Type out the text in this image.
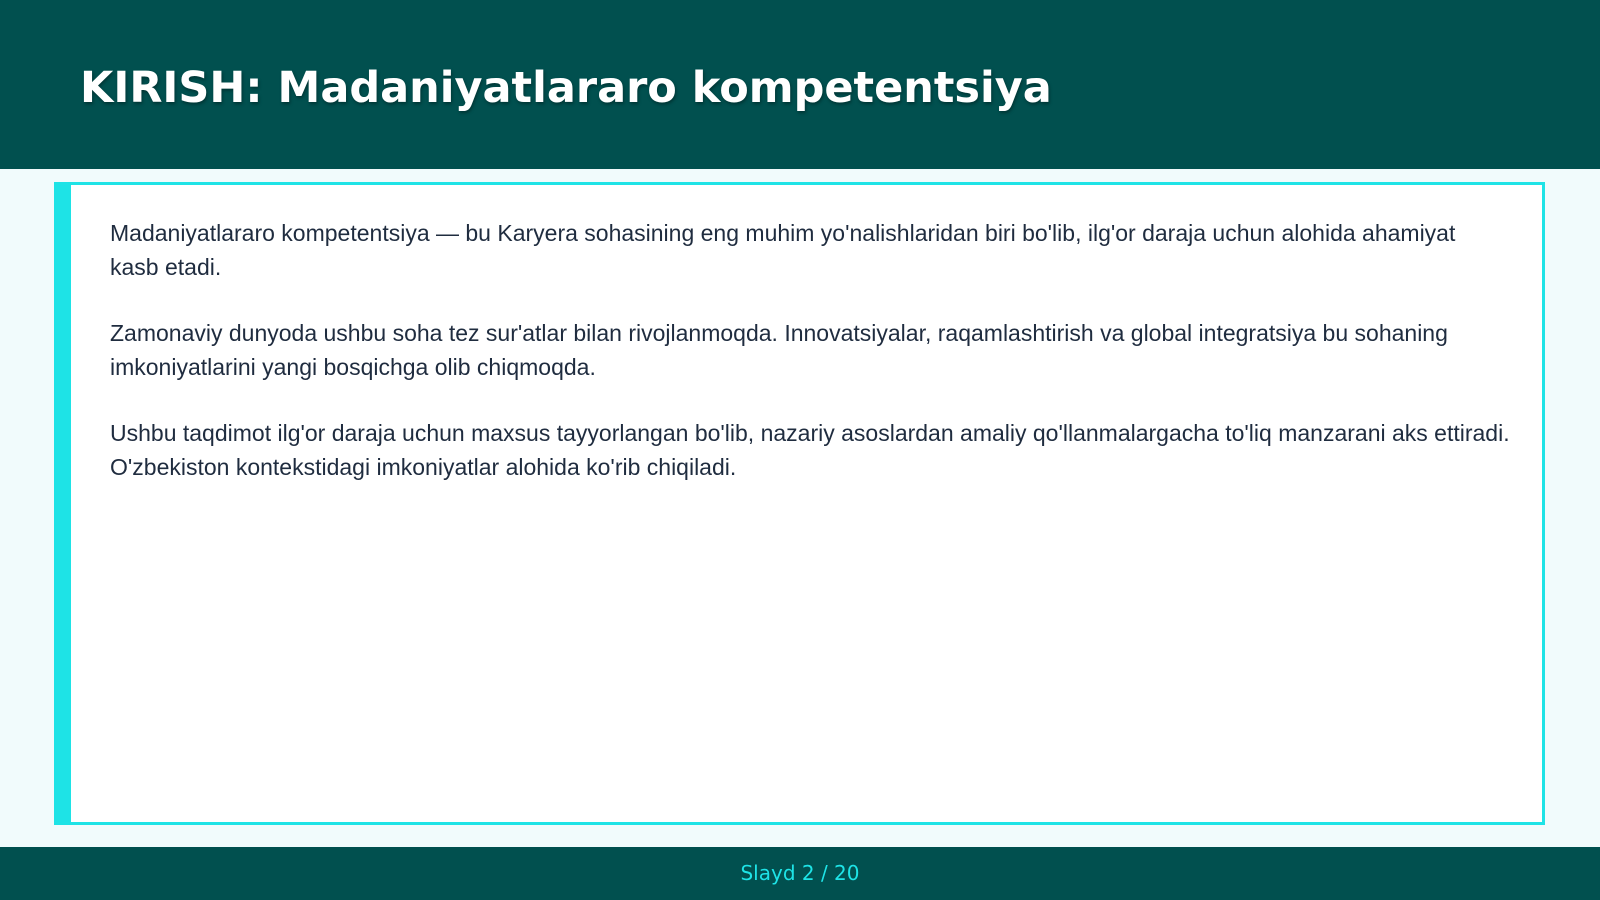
KIRISH: Madaniyatlararo kompetentsiya

Madaniyatlararo kompetentsiya — bu Karyera sohasining eng muhim yo'nalishlaridan biri bo'lib, ilg'or daraja uchun alohida ahamiyat kasb etadi.

Zamonaviy dunyoda ushbu soha tez sur'atlar bilan rivojlanmoqda. Innovatsiyalar, raqamlashtirish va global integratsiya bu sohaning imkoniyatlarini yangi bosqichga olib chiqmoqda.

Ushbu taqdimot ilg'or daraja uchun maxsus tayyorlangan bo'lib, nazariy asoslardan amaliy qo'llanmalargacha to'liq manzarani aks ettiradi. O'zbekiston kontekstidagi imkoniyatlar alohida ko'rib chiqiladi.

Slayd 2 / 20
